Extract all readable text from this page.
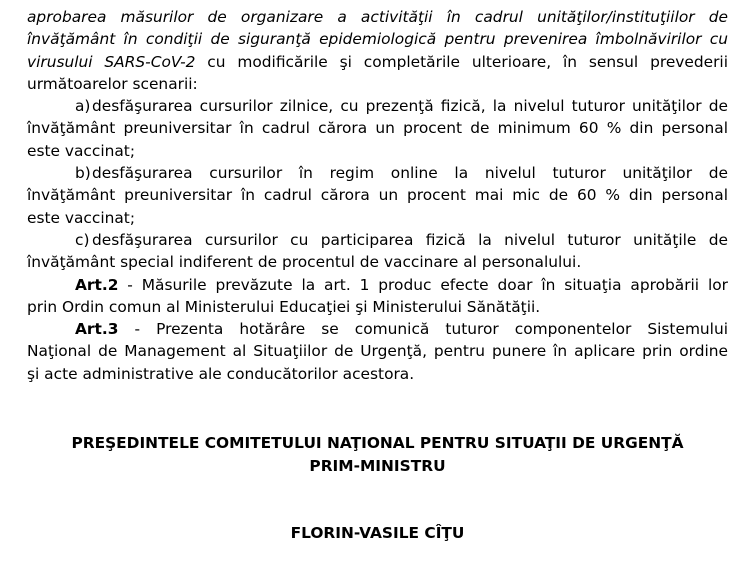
aprobarea măsurilor de organizare a activităţii în cadrul unităţilor/instituţiilor de
învăţământ în condiţii de siguranţă epidemiologică pentru prevenirea îmbolnăvirilor cu
virusului SARS-CoV-2 cu modificările şi completările ulterioare, în sensul prevederii
următoarelor scenarii:
a) desfăşurarea cursurilor zilnice, cu prezenţă fizică, la nivelul tuturor unităţilor de
învăţământ preuniversitar în cadrul cărora un procent de minimum 60 % din personal
este vaccinat;
b)desfăşurarea cursurilor în regim online la nivelul tuturor unităţilor de
învăţământ preuniversitar în cadrul cărora un procent mai mic de 60 % din personal
este vaccinat;
c) desfăşurarea cursurilor cu participarea fizică la nivelul tuturor unităţile de
învăţământ special indiferent de procentul de vaccinare al personalului.
Art.2 - Măsurile prevăzute la art. 1 produc efecte doar în situaţia aprobării lor
prin Ordin comun al Ministerului Educaţiei şi Ministerului Sănătăţii.
Art.3 - Prezenta hotărâre se comunică tuturor componentelor Sistemului
Naţional de Management al Situaţiilor de Urgenţă, pentru punere în aplicare prin ordine
şi acte administrative ale conducătorilor acestora.
PREŞEDINTELE COMITETULUI NAŢIONAL PENTRU SITUAŢII DE URGENŢĂ
PRIM-MINISTRU
FLORIN-VASILE CÎŢU
